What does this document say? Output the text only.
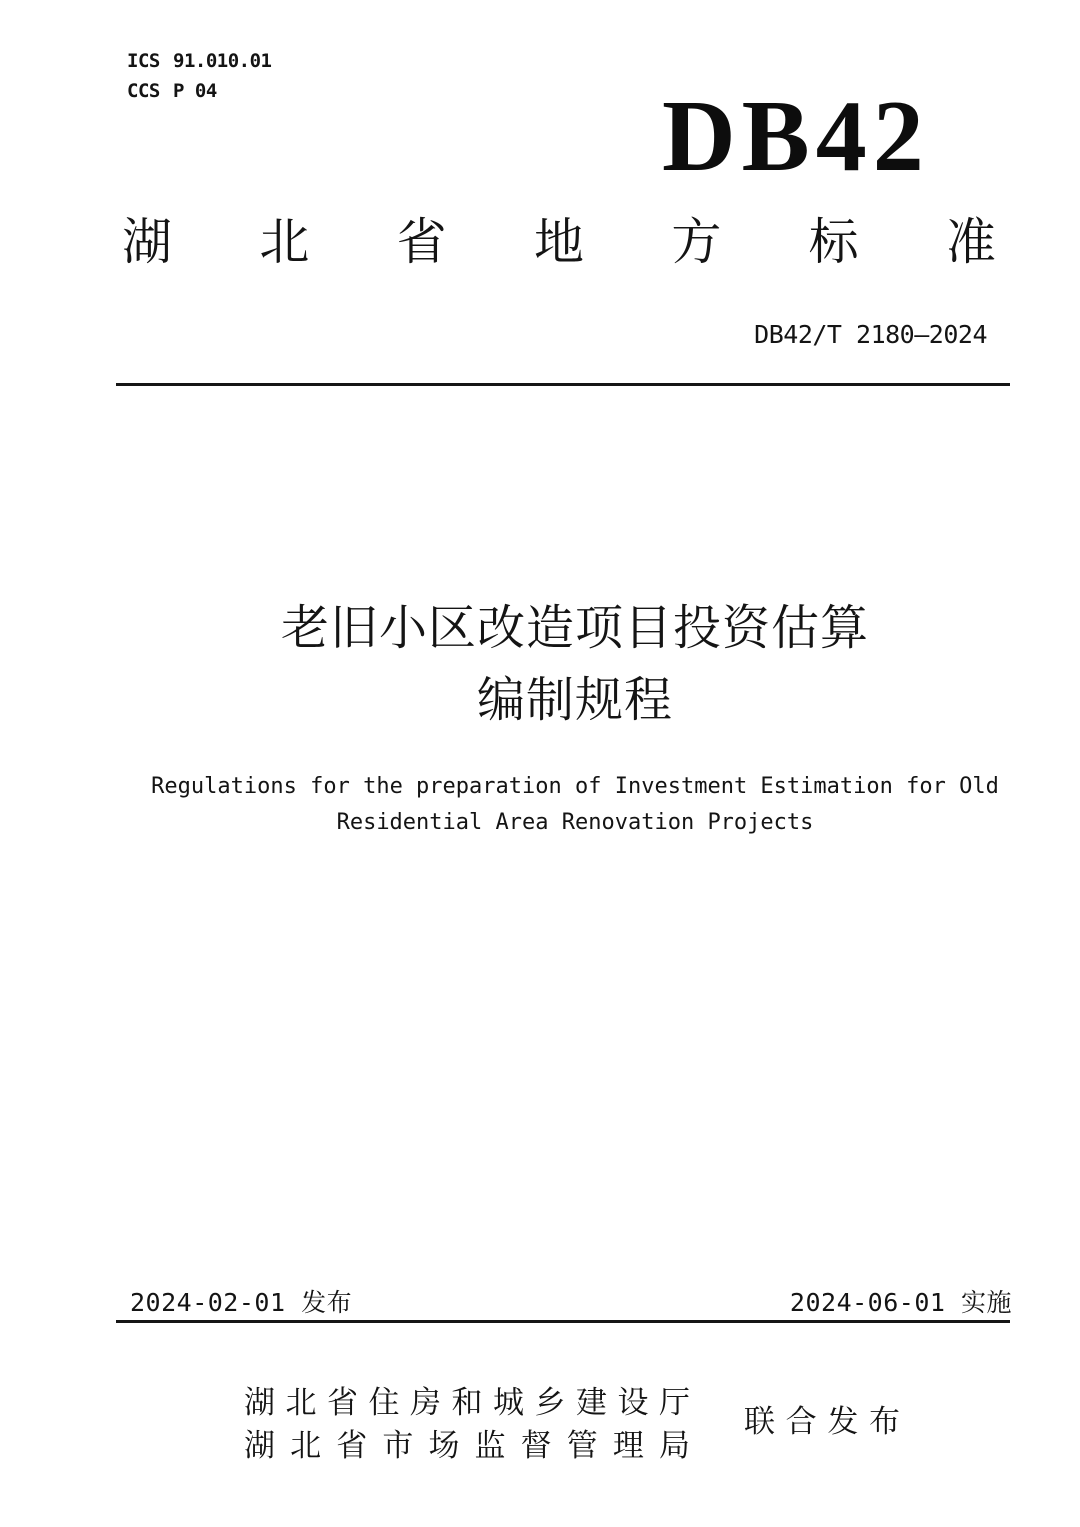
ICS 91.010.01
CCS P 04	DB42
湖 北 省 地 方 标 准
DB42/T 2180—2024
老旧小区改造项目投资估算
编制规程
Regulations for the preparation of Investment Estimation for Old
Residential Area Renovation Projects
2024-02-01 发布	2024-06-01 实施
湖 北 省 住 房 和 城 乡 建 设 厅
湖 北 省 市 场 监 督 管 理 局
联 合 发 布
